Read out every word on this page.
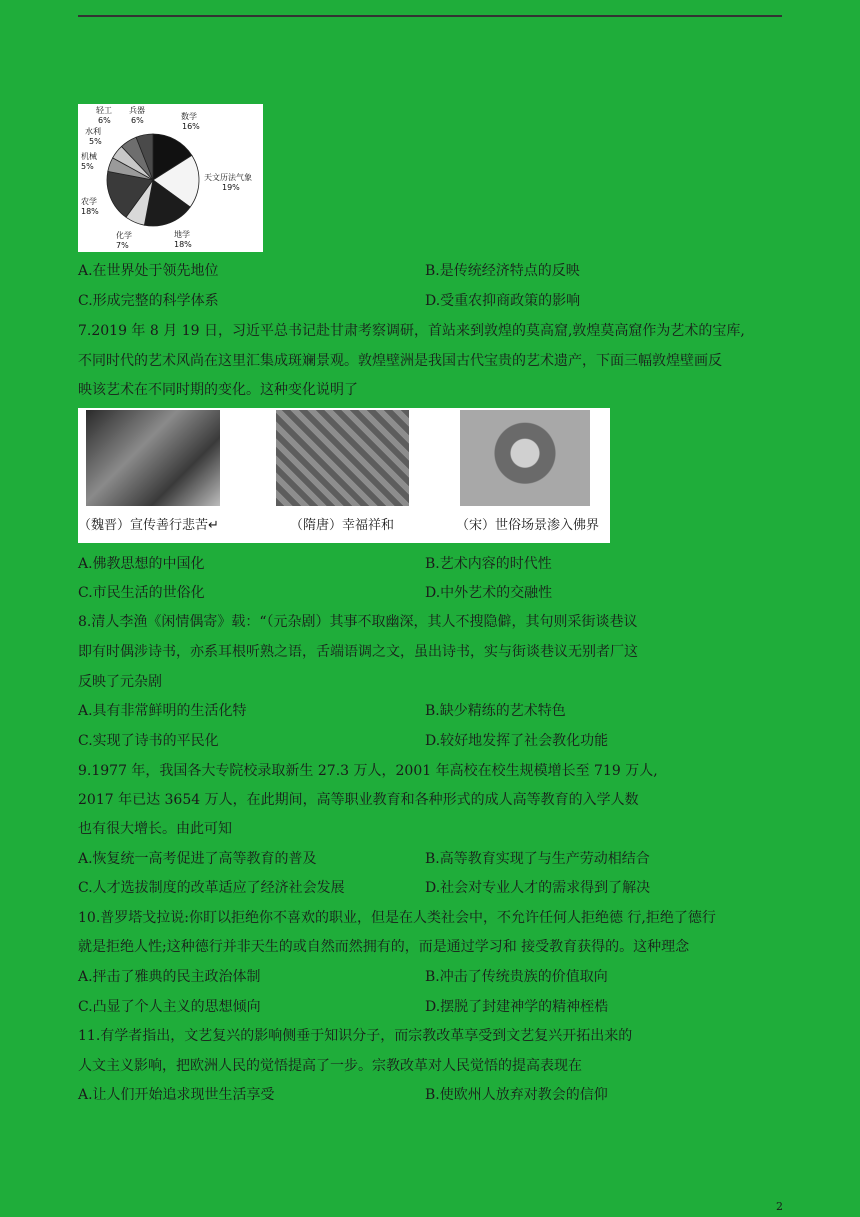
数学
16%
天文历法气象
19%
地学
18%
化学
7%
农学
18%
机械
5%
水利
5%
轻工
6%
兵器
6%
A.在世界处于领先地位	B.是传统经济特点的反映
C.形成完整的科学体系	D.受重农抑商政策的影响
7.2019 年 8 月 19 日，习近平总书记赴甘肃考察调研，首站来到敦煌的莫高窟,敦煌莫高窟作为艺术的宝库,
不同时代的艺术风尚在这里汇集成斑斓景观。敦煌壁洲是我国古代宝贵的艺术遗产，下面三幅敦煌壁画反
映该艺术在不同时期的变化。这种变化说明了
（魏晋）宣传善行悲苦↵	（隋唐）幸福祥和	（宋）世俗场景渗入佛界
A.佛教思想的中国化	B.艺术内容的时代性
C.市民生活的世俗化	D.中外艺术的交融性
8.清人李渔《闲情偶寄》载：“（元杂剧）其事不取幽深，其人不搜隐僻，其句则采街谈巷议
即有时偶涉诗书，亦系耳根听熟之语，舌端语调之文，虽出诗书，实与街谈巷议无别者厂这
反映了元杂剧
A.具有非常鲜明的生活化特	B.缺少精练的艺术特色
C.实现了诗书的平民化	D.较好地发挥了社会教化功能
9.1977 年，我国各大专院校录取新生 27.3 万人，2001 年高校在校生规模增长至 719 万人,
2017 年已达 3654 万人，在此期间，高等职业教育和各种形式的成人高等教育的入学人数
也有很大增长。由此可知
A.恢复统一高考促进了高等教育的普及	B.高等教育实现了与生产劳动相结合
C.人才选拔制度的改革适应了经济社会发展	D.社会对专业人才的需求得到了解决
10.普罗塔戈拉说:你盯以拒绝你不喜欢的职业，但是在人类社会中，不允许任何人拒绝德 行,拒绝了德行
就是拒绝人性;这种德行并非天生的或自然而然拥有的，而是通过学习和 接受教育获得的。这种理念
A.抨击了雅典的民主政治体制	B.冲击了传统贵族的价值取向
C.凸显了个人主义的思想倾向	D.摆脱了封建神学的精神桎梏
11.有学者指出，文艺复兴的影响侧垂于知识分子，而宗教改革享受到文艺复兴开拓出来的
人文主义影响，把欧洲人民的觉悟提高了一步。宗教改革对人民觉悟的提高表现在
A.让人们开始追求现世生活享受	B.使欧州人放弃对教会的信仰
2
